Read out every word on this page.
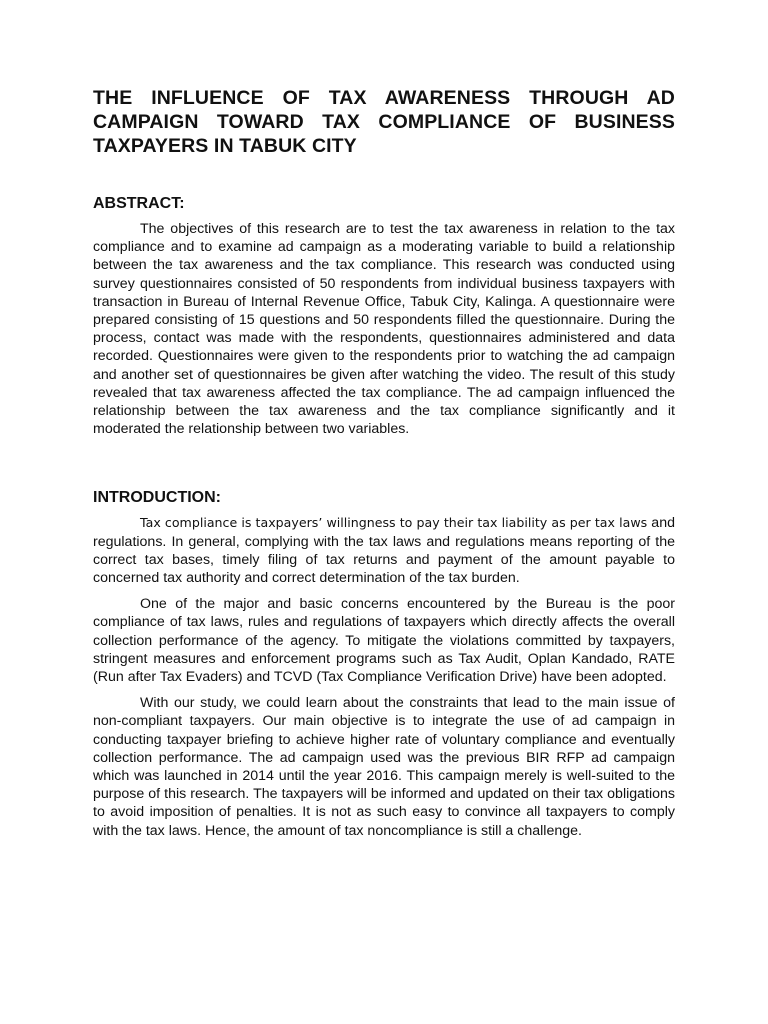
THE INFLUENCE OF TAX AWARENESS THROUGH AD CAMPAIGN TOWARD TAX COMPLIANCE OF BUSINESS TAXPAYERS IN TABUK CITY
ABSTRACT:

The objectives of this research are to test the tax awareness in relation to the tax compliance and to examine ad campaign as a moderating variable to build a relationship between the tax awareness and the tax compliance. This research was conducted using survey questionnaires consisted of 50 respondents from individual business taxpayers with transaction in Bureau of Internal Revenue Office, Tabuk City, Kalinga. A questionnaire were prepared consisting of 15 questions and 50 respondents filled the questionnaire. During the process, contact was made with the respondents, questionnaires administered and data recorded. Questionnaires were given to the respondents prior to watching the ad campaign and another set of questionnaires be given after watching the video. The result of this study revealed that tax awareness affected the tax compliance. The ad campaign influenced the relationship between the tax awareness and the tax compliance significantly and it moderated the relationship between two variables.

INTRODUCTION:

Tax compliance is taxpayers’ willingness to pay their tax liability as per tax laws and regulations. In general, complying with the tax laws and regulations means reporting of the correct tax bases, timely filing of tax returns and payment of the amount payable to concerned tax authority and correct determination of the tax burden.

One of the major and basic concerns encountered by the Bureau is the poor compliance of tax laws, rules and regulations of taxpayers which directly affects the overall collection performance of the agency. To mitigate the violations committed by taxpayers, stringent measures and enforcement programs such as Tax Audit, Oplan Kandado, RATE (Run after Tax Evaders) and TCVD (Tax Compliance Verification Drive) have been adopted.

With our study, we could learn about the constraints that lead to the main issue of non-compliant taxpayers. Our main objective is to integrate the use of ad campaign in conducting taxpayer briefing to achieve higher rate of voluntary compliance and eventually collection performance. The ad campaign used was the previous BIR RFP ad campaign which was launched in 2014 until the year 2016. This campaign merely is well-suited to the purpose of this research. The taxpayers will be informed and updated on their tax obligations to avoid imposition of penalties. It is not as such easy to convince all taxpayers to comply with the tax laws. Hence, the amount of tax noncompliance is still a challenge.
